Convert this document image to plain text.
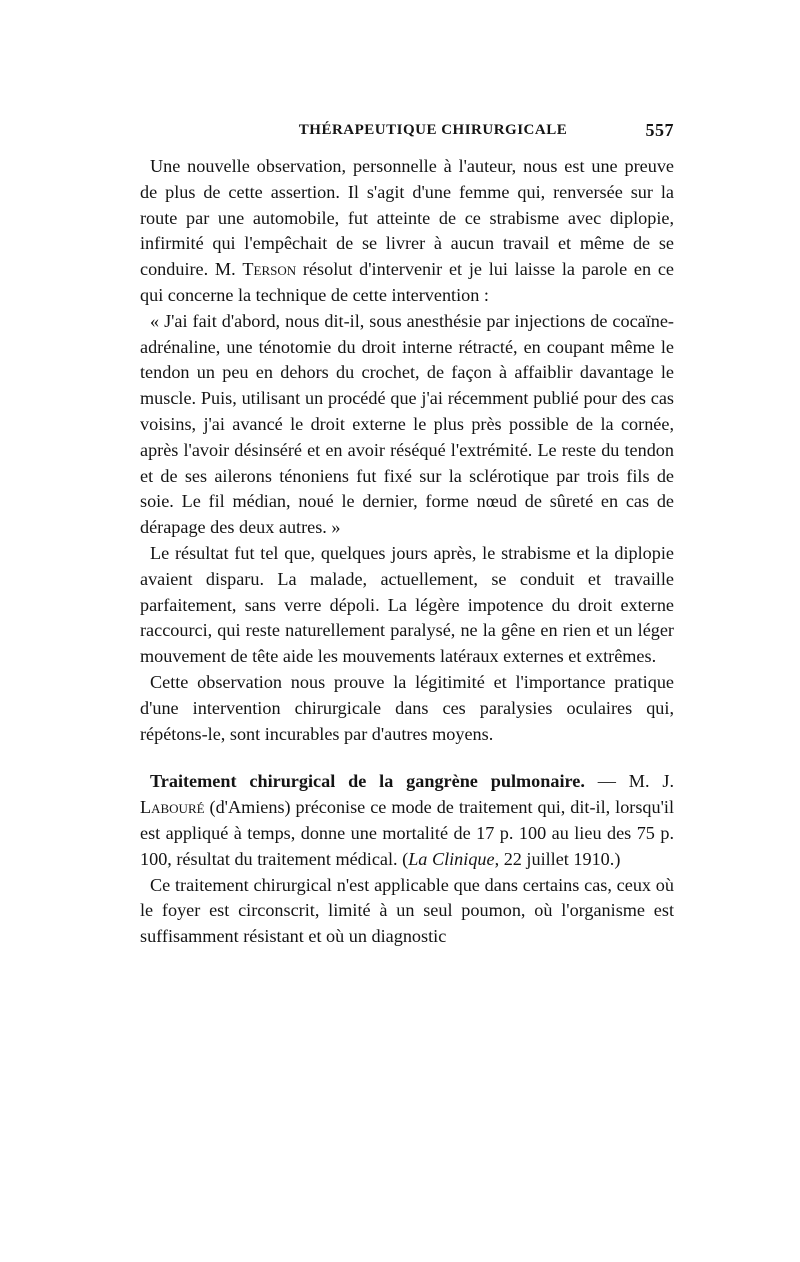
THÉRAPEUTIQUE CHIRURGICALE	557

Une nouvelle observation, personnelle à l'auteur, nous est une preuve de plus de cette assertion. Il s'agit d'une femme qui, renversée sur la route par une automobile, fut atteinte de ce strabisme avec diplopie, infirmité qui l'empêchait de se livrer à aucun travail et même de se conduire. M. Terson résolut d'intervenir et je lui laisse la parole en ce qui concerne la technique de cette intervention :

« J'ai fait d'abord, nous dit-il, sous anesthésie par injections de cocaïne-adrénaline, une ténotomie du droit interne rétracté, en coupant même le tendon un peu en dehors du crochet, de façon à affaiblir davantage le muscle. Puis, utilisant un procédé que j'ai récemment publié pour des cas voisins, j'ai avancé le droit externe le plus près possible de la cornée, après l'avoir désinséré et en avoir réséqué l'extrémité. Le reste du tendon et de ses ailerons ténoniens fut fixé sur la sclérotique par trois fils de soie. Le fil médian, noué le dernier, forme nœud de sûreté en cas de dérapage des deux autres. »

Le résultat fut tel que, quelques jours après, le strabisme et la diplopie avaient disparu. La malade, actuellement, se conduit et travaille parfaitement, sans verre dépoli. La légère impotence du droit externe raccourci, qui reste naturellement paralysé, ne la gêne en rien et un léger mouvement de tête aide les mouvements latéraux externes et extrêmes.

Cette observation nous prouve la légitimité et l'importance pratique d'une intervention chirurgicale dans ces paralysies oculaires qui, répétons-le, sont incurables par d'autres moyens.

Traitement chirurgical de la gangrène pulmonaire. — M. J. Labouré (d'Amiens) préconise ce mode de traitement qui, dit-il, lorsqu'il est appliqué à temps, donne une mortalité de 17 p. 100 au lieu des 75 p. 100, résultat du traitement médical. (La Clinique, 22 juillet 1910.)

Ce traitement chirurgical n'est applicable que dans certains cas, ceux où le foyer est circonscrit, limité à un seul poumon, où l'organisme est suffisamment résistant et où un diagnostic
